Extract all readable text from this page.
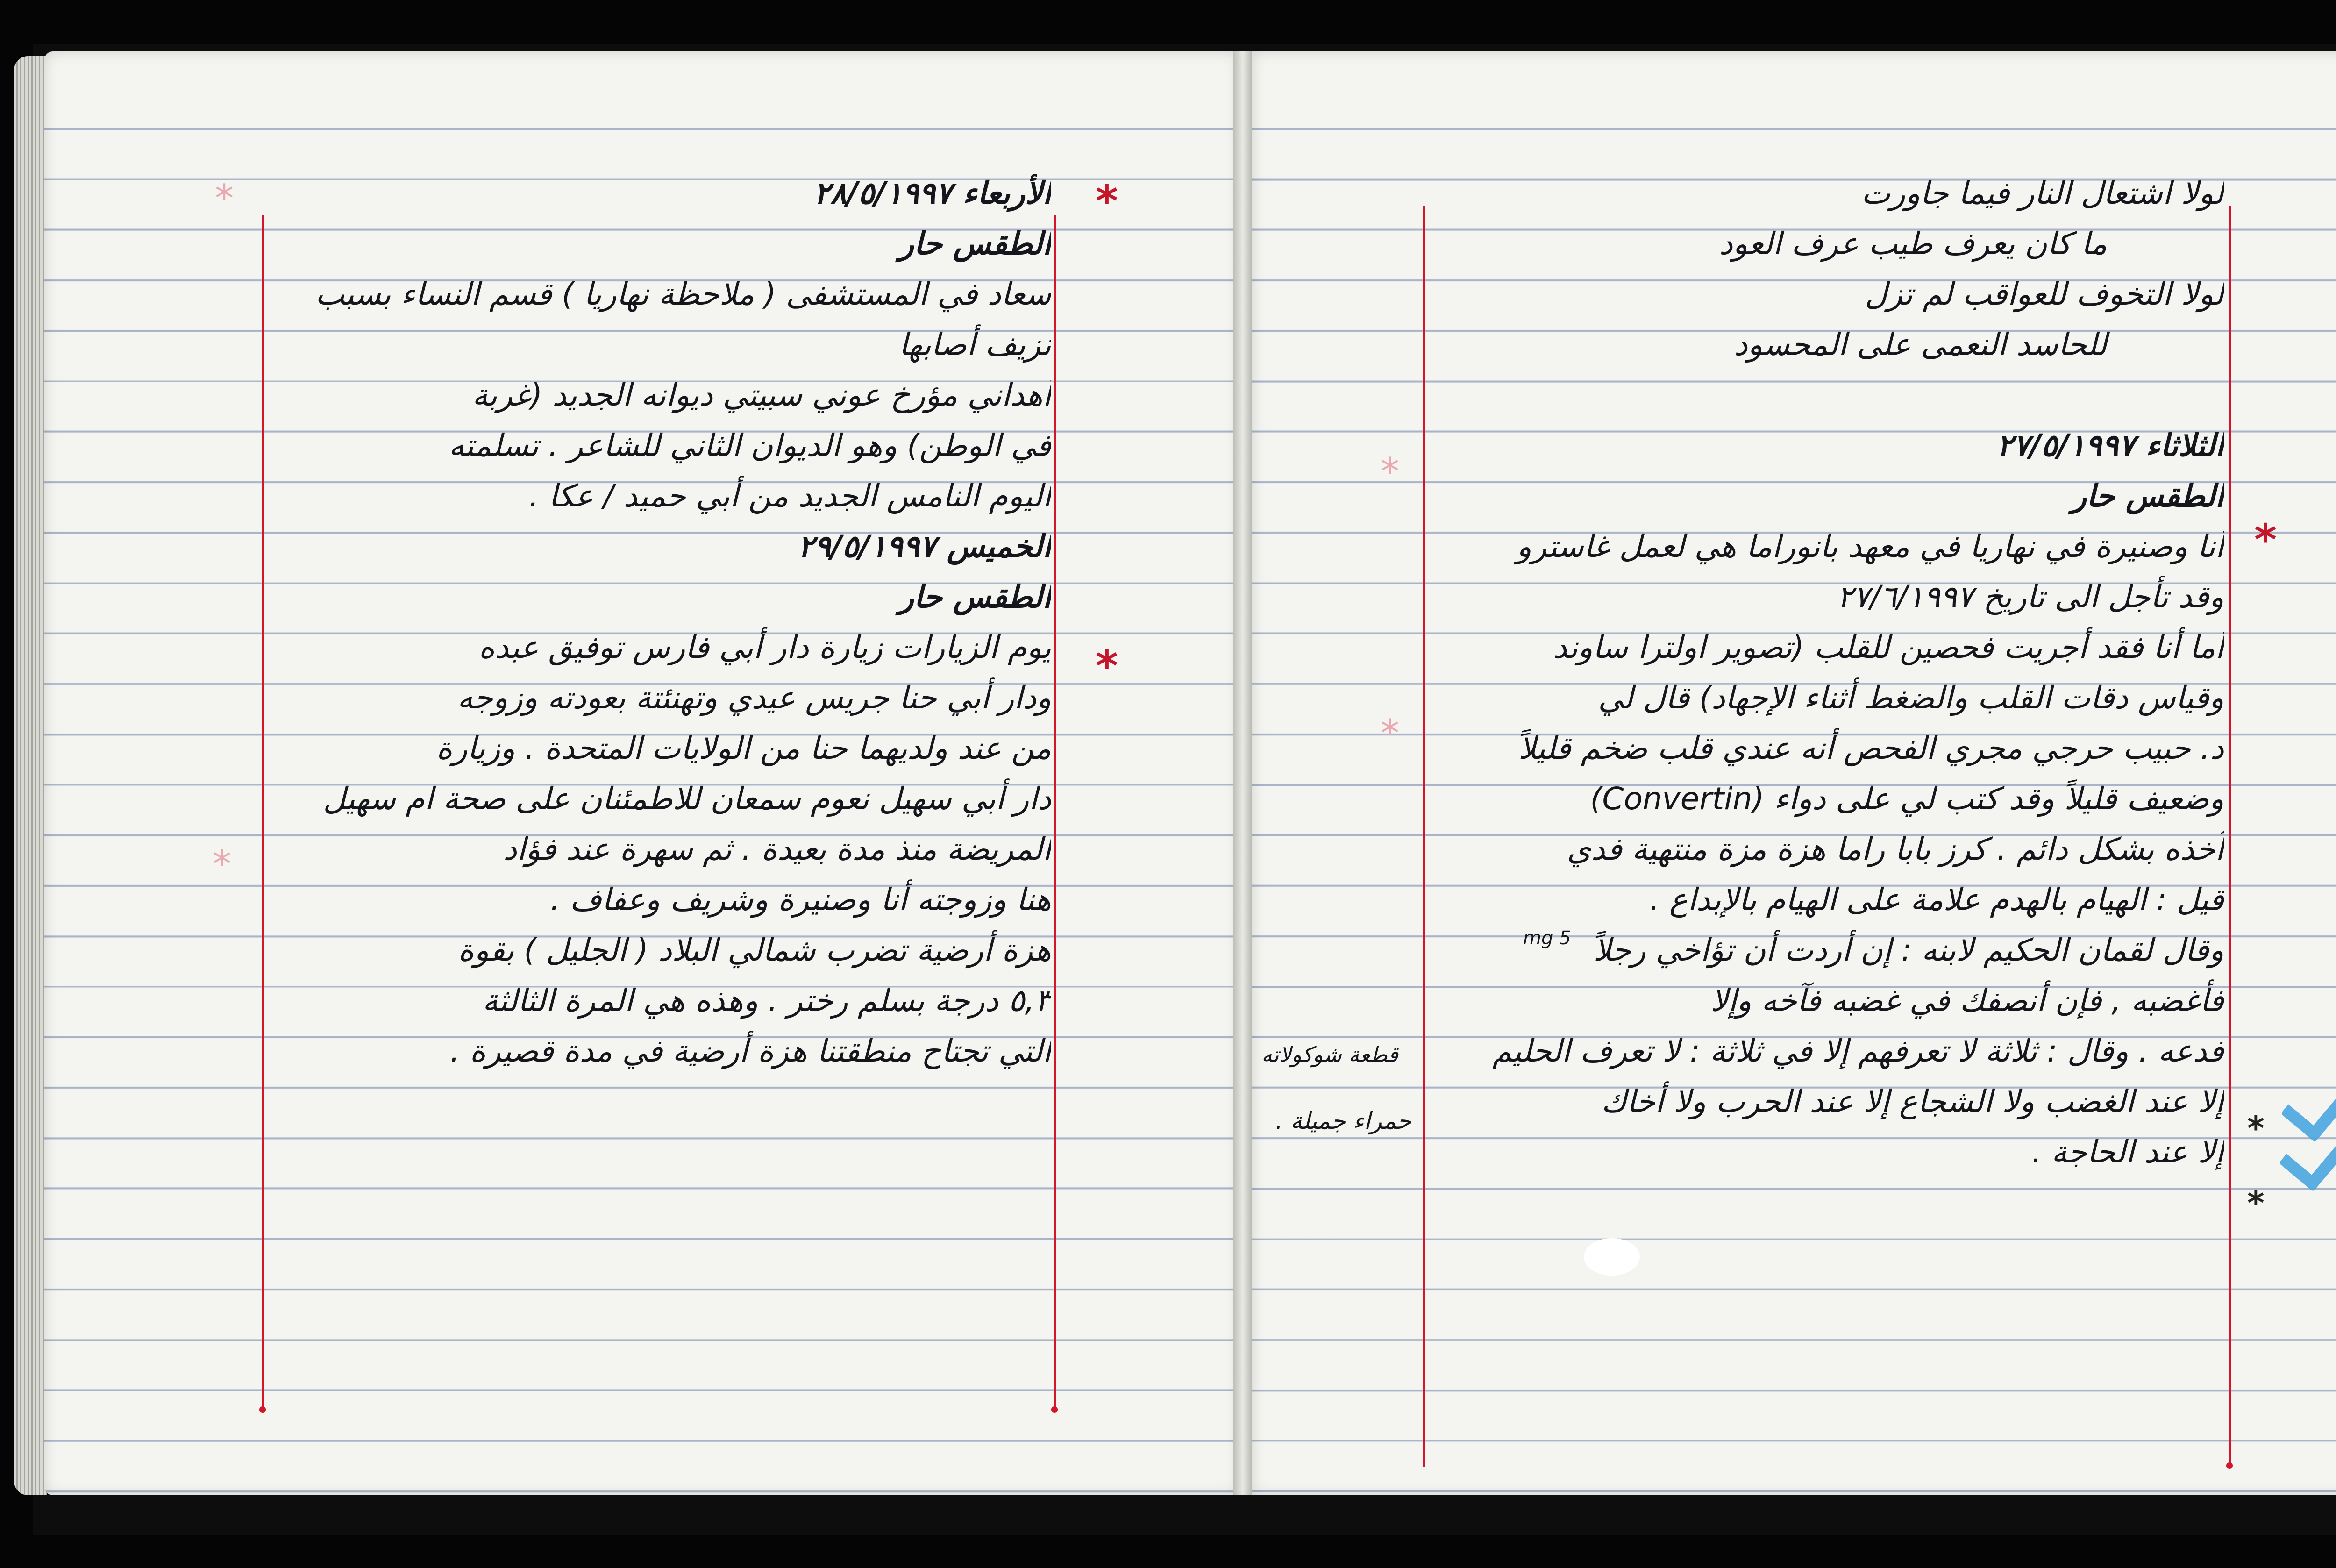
*
*
*
*
*
*
*
*
*
الأربعاء ٢٨/٥/١٩٩٧
الطقس حار
سعاد في المستشفى ( ملاحظة نهاريا ) قسم النساء بسبب
نزيف أصابها
أهداني مؤرخ عوني سبيتي ديوانه الجديد (غربة
في الوطن) وهو الديوان الثاني للشاعر . تسلمته
اليوم النامس الجديد من أبي حميد / عكا .
الخميس ٢٩/٥/١٩٩٧
الطقس حار
يوم الزيارات زيارة دار أبي فارس توفيق عبده
ودار أبي حنا جريس عيدي وتهنئتة بعودته وزوجه
من عند ولديهما حنا من الولايات المتحدة . وزيارة
دار أبي سهيل نعوم سمعان للاطمئنان على صحة ام سهيل
المريضة منذ مدة بعيدة . ثم سهرة عند فؤاد
هنا وزوجته أنا وصنيرة وشريف وعفاف .
هزة أرضية تضرب شمالي البلاد ( الجليل ) بقوة
٥,٣ درجة بسلم رختر . وهذه هي المرة الثالثة
التي تجتاح منطقتنا هزة أرضية في مدة قصيرة .
لولا اشتعال النار فيما جاورت
ما كان يعرف طيب عرف العود
لولا التخوف للعواقب لم تزل
للحاسد النعمى على المحسود
الثلاثاء ٢٧/٥/١٩٩٧
الطقس حار
أنا وصنيرة في نهاريا في معهد بانوراما هي لعمل غاسترو
وقد تأجل الى تاريخ ٢٧/٦/١٩٩٧
أما أنا فقد أجريت فحصين للقلب (تصوير اولترا ساوند
وقياس دقات القلب والضغط أثناء الإجهاد) قال لي
د. حبيب حرجي مجري الفحص أنه عندي قلب ضخم قليلاً
وضعيف قليلاً وقد كتب لي على دواء (Convertin)
آخذه بشكل دائم . كرز بابا راما هزة مزة منتهية فدي
قيل : الهيام بالهدم علامة على الهيام بالإبداع .
وقال لقمان الحكيم لابنه : إن أردت أن تؤاخي رجلاً
فأغضبه , فإن أنصفك في غضبه فآخه وإلا
فدعه . وقال : ثلاثة لا تعرفهم إلا في ثلاثة : لا تعرف الحليم
إلا عند الغضب ولا الشجاع إلا عند الحرب ولا أخاك
إلا عند الحاجة .
5 mg
قطعة شوكولاته
حمراء جميلة .
